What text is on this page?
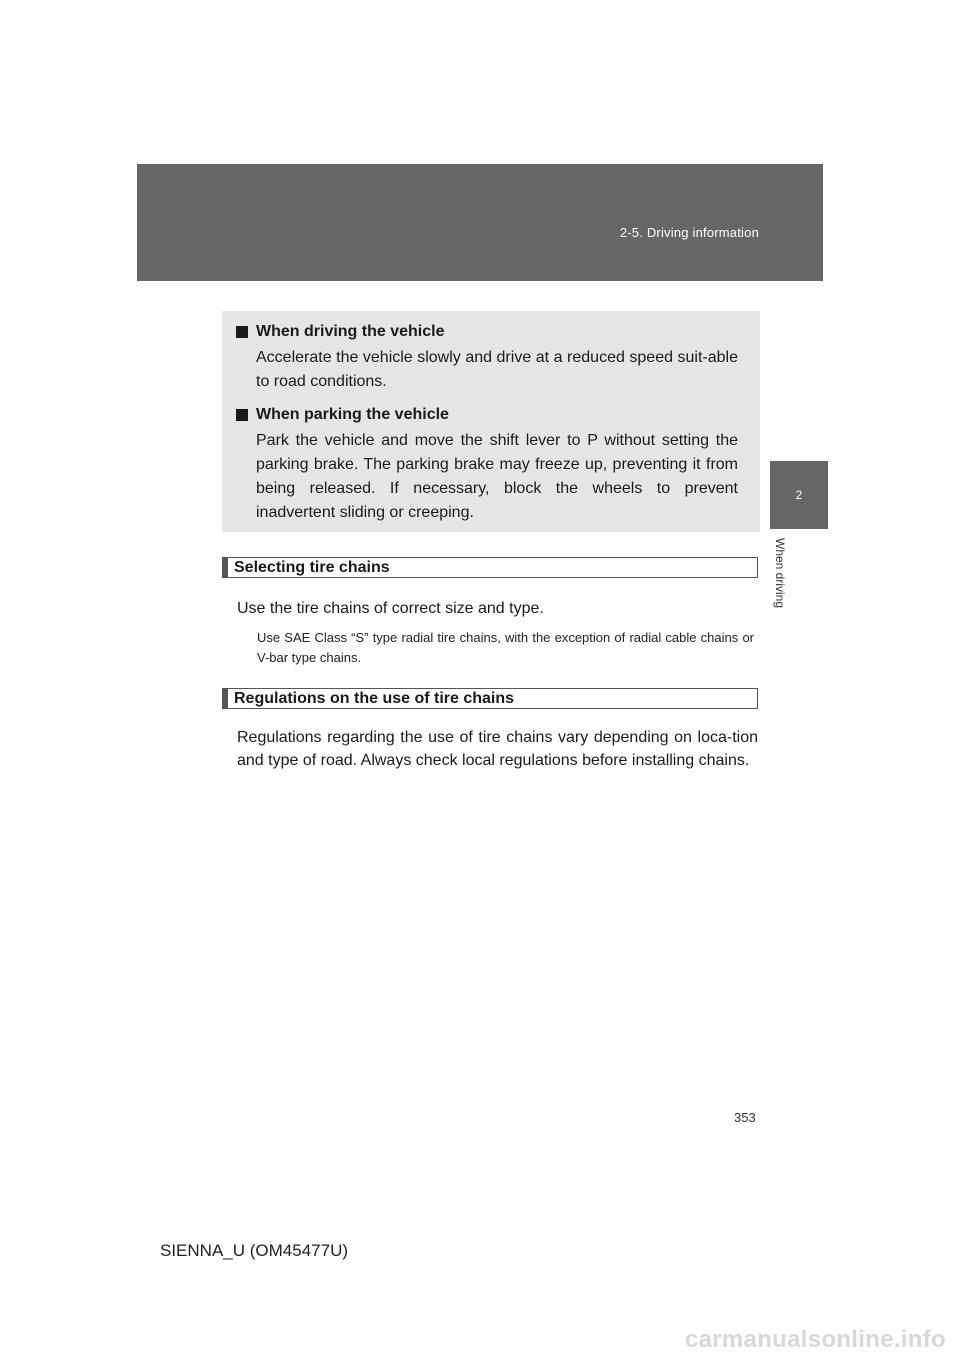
2-5. Driving information
2
When driving

When driving the vehicle

Accelerate the vehicle slowly and drive at a reduced speed suit-able to road conditions.

When parking the vehicle

Park the vehicle and move the shift lever to P without setting the parking brake. The parking brake may freeze up, preventing it from being released. If necessary, block the wheels to prevent inadvertent sliding or creeping.

Selecting tire chains

Use the tire chains of correct size and type.

Use SAE Class “S” type radial tire chains, with the exception of radial cable chains or V-bar type chains.

Regulations on the use of tire chains

Regulations regarding the use of tire chains vary depending on loca-tion and type of road. Always check local regulations before installing chains.

353
SIENNA_U (OM45477U)
carmanualsonline.info
